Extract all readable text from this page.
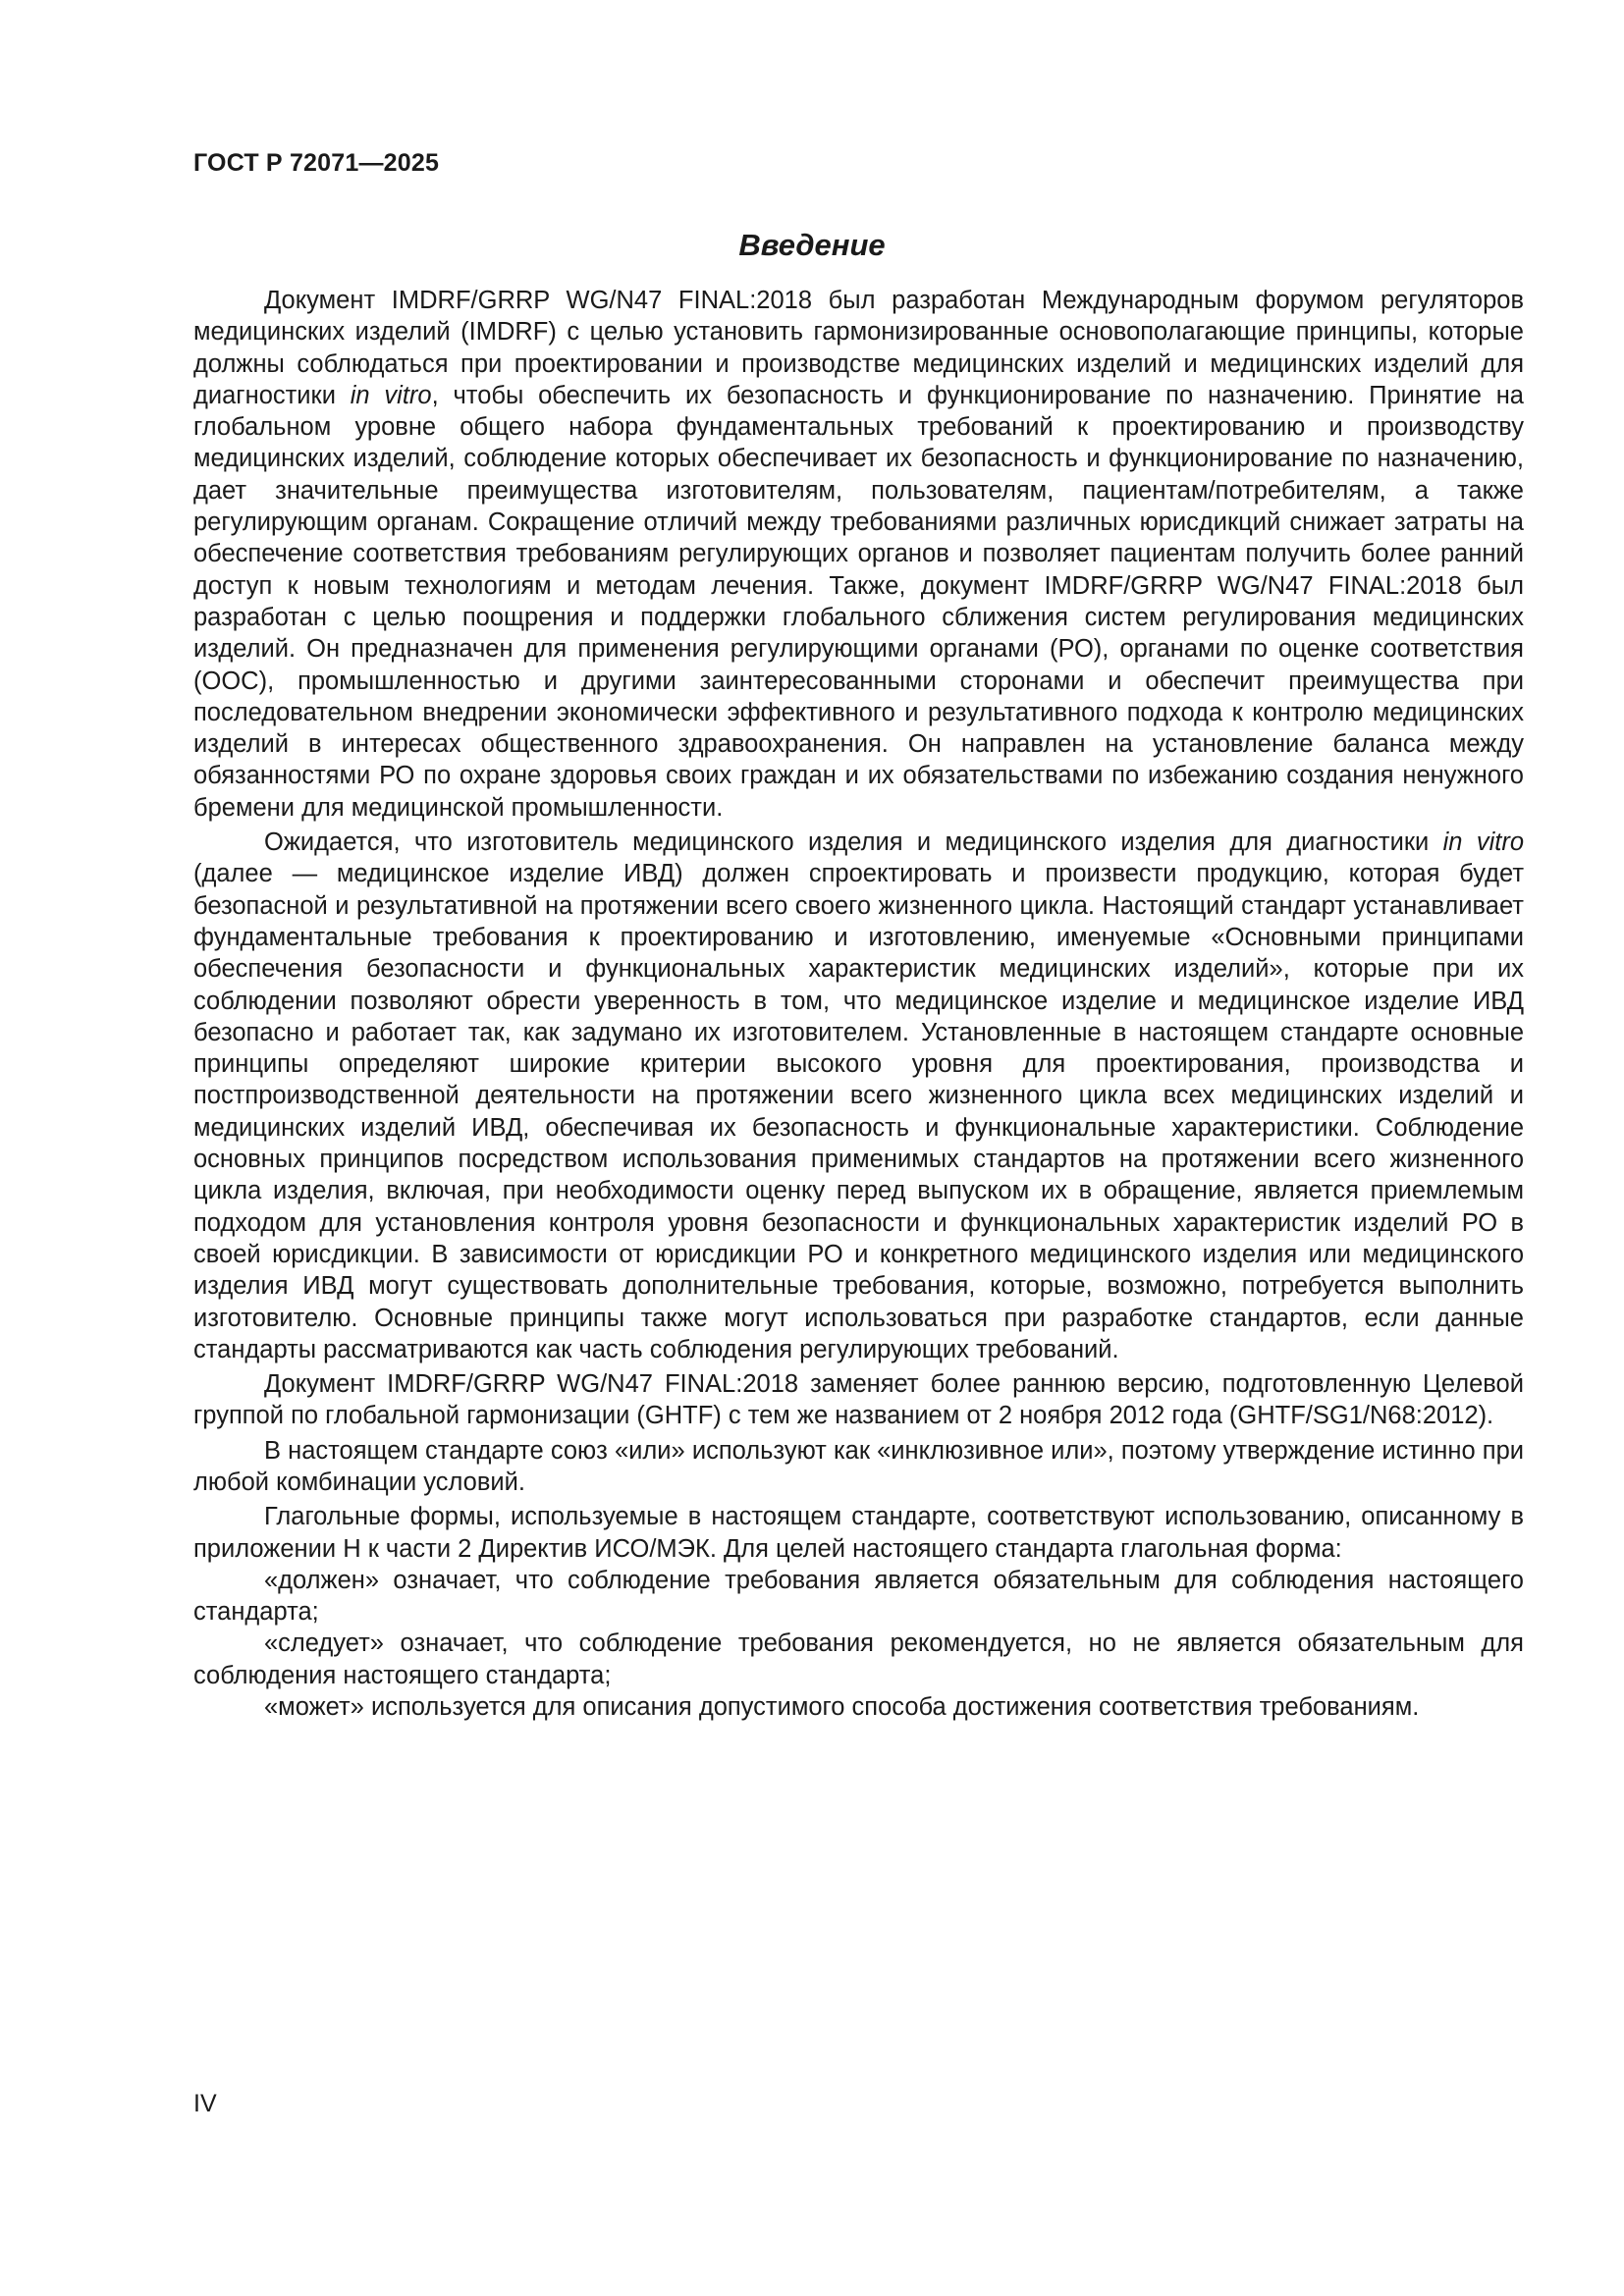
ГОСТ Р 72071—2025
Введение

Документ IMDRF/GRRP WG/N47 FINAL:2018 был разработан Международным форумом регуляторов медицинских изделий (IMDRF) с целью установить гармонизированные основополагающие принципы, которые должны соблюдаться при проектировании и производстве медицинских изделий и медицинских изделий для диагностики in vitro, чтобы обеспечить их безопасность и функционирование по назначению. Принятие на глобальном уровне общего набора фундаментальных требований к проектированию и производству медицинских изделий, соблюдение которых обеспечивает их безопасность и функционирование по назначению, дает значительные преимущества изготовителям, пользователям, пациентам/потребителям, а также регулирующим органам. Сокращение отличий между требованиями различных юрисдикций снижает затраты на обеспечение соответствия требованиям регулирующих органов и позволяет пациентам получить более ранний доступ к новым технологиям и методам лечения. Также, документ IMDRF/GRRP WG/N47 FINAL:2018 был разработан с целью поощрения и поддержки глобального сближения систем регулирования медицинских изделий. Он предназначен для применения регулирующими органами (РО), органами по оценке соответствия (ООС), промышленностью и другими заинтересованными сторонами и обеспечит преимущества при последовательном внедрении экономически эффективного и результативного подхода к контролю медицинских изделий в интересах общественного здравоохранения. Он направлен на установление баланса между обязанностями РО по охране здоровья своих граждан и их обязательствами по избежанию создания ненужного бремени для медицинской промышленности.

Ожидается, что изготовитель медицинского изделия и медицинского изделия для диагностики in vitro (далее — медицинское изделие ИВД) должен спроектировать и произвести продукцию, которая будет безопасной и результативной на протяжении всего своего жизненного цикла. Настоящий стандарт устанавливает фундаментальные требования к проектированию и изготовлению, именуемые «Основными принципами обеспечения безопасности и функциональных характеристик медицинских изделий», которые при их соблюдении позволяют обрести уверенность в том, что медицинское изделие и медицинское изделие ИВД безопасно и работает так, как задумано их изготовителем. Установленные в настоящем стандарте основные принципы определяют широкие критерии высокого уровня для проектирования, производства и постпроизводственной деятельности на протяжении всего жизненного цикла всех медицинских изделий и медицинских изделий ИВД, обеспечивая их безопасность и функциональные характеристики. Соблюдение основных принципов посредством использования применимых стандартов на протяжении всего жизненного цикла изделия, включая, при необходимости оценку перед выпуском их в обращение, является приемлемым подходом для установления контроля уровня безопасности и функциональных характеристик изделий РО в своей юрисдикции. В зависимости от юрисдикции РО и конкретного медицинского изделия или медицинского изделия ИВД могут существовать дополнительные требования, которые, возможно, потребуется выполнить изготовителю. Основные принципы также могут использоваться при разработке стандартов, если данные стандарты рассматриваются как часть соблюдения регулирующих требований.

Документ IMDRF/GRRP WG/N47 FINAL:2018 заменяет более раннюю версию, подготовленную Целевой группой по глобальной гармонизации (GHTF) с тем же названием от 2 ноября 2012 года (GHTF/SG1/N68:2012).

В настоящем стандарте союз «или» используют как «инклюзивное или», поэтому утверждение истинно при любой комбинации условий.

Глагольные формы, используемые в настоящем стандарте, соответствуют использованию, описанному в приложении Н к части 2 Директив ИСО/МЭК. Для целей настоящего стандарта глагольная форма:

«должен» означает, что соблюдение требования является обязательным для соблюдения настоящего стандарта;

«следует» означает, что соблюдение требования рекомендуется, но не является обязательным для соблюдения настоящего стандарта;

«может» используется для описания допустимого способа достижения соответствия требованиям.

IV
